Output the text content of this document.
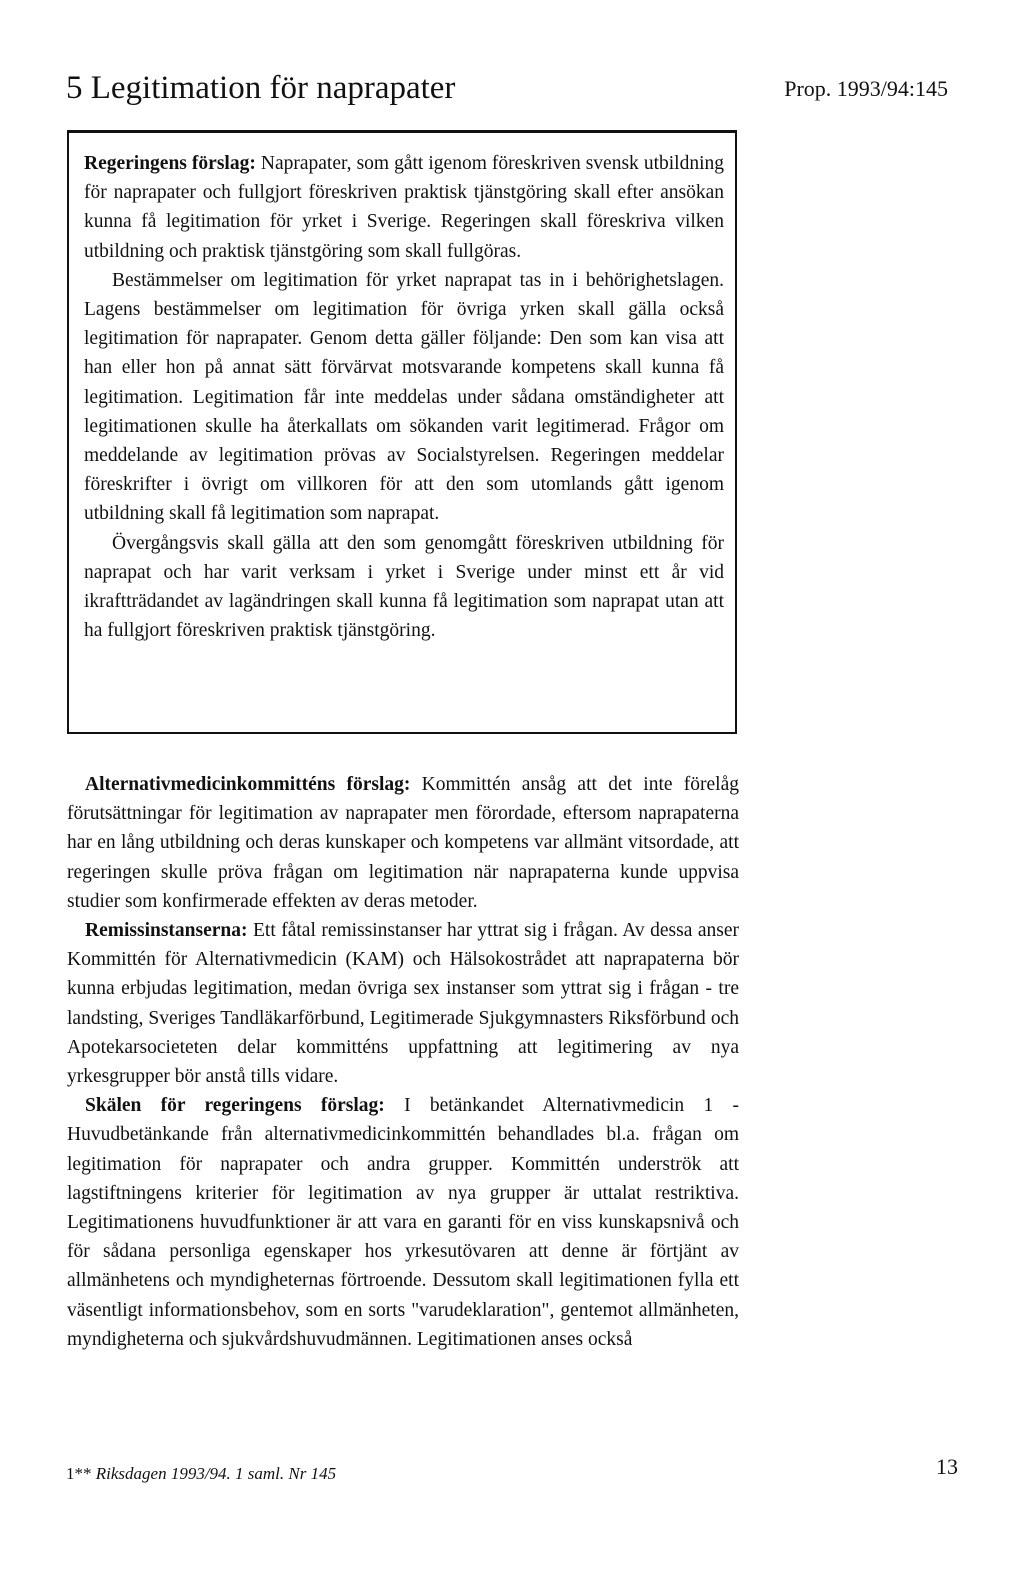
5 Legitimation för naprapater	Prop. 1993/94:145

Regeringens förslag: Naprapater, som gått igenom föreskriven svensk utbildning för naprapater och fullgjort föreskriven praktisk tjänstgöring skall efter ansökan kunna få legitimation för yrket i Sverige. Regeringen skall föreskriva vilken utbildning och praktisk tjänstgöring som skall fullgöras.

Bestämmelser om legitimation för yrket naprapat tas in i behörighetslagen. Lagens bestämmelser om legitimation för övriga yrken skall gälla också legitimation för naprapater. Genom detta gäller följande: Den som kan visa att han eller hon på annat sätt förvärvat motsvarande kompetens skall kunna få legitimation. Legitimation får inte meddelas under sådana omständigheter att legitimationen skulle ha återkallats om sökanden varit legitimerad. Frågor om meddelande av legitimation prövas av Socialstyrelsen. Regeringen meddelar föreskrifter i övrigt om villkoren för att den som utomlands gått igenom utbildning skall få legitimation som naprapat.

Övergångsvis skall gälla att den som genomgått föreskriven utbildning för naprapat och har varit verksam i yrket i Sverige under minst ett år vid ikraftträdandet av lagändringen skall kunna få legitimation som naprapat utan att ha fullgjort föreskriven praktisk tjänstgöring.

Alternativmedicinkommitténs förslag: Kommittén ansåg att det inte förelåg förutsättningar för legitimation av naprapater men förordade, eftersom naprapaterna har en lång utbildning och deras kunskaper och kompetens var allmänt vitsordade, att regeringen skulle pröva frågan om legitimation när naprapaterna kunde uppvisa studier som konfirmerade effekten av deras metoder.

Remissinstanserna: Ett fåtal remissinstanser har yttrat sig i frågan. Av dessa anser Kommittén för Alternativmedicin (KAM) och Hälsokostrådet att naprapaterna bör kunna erbjudas legitimation, medan övriga sex instanser som yttrat sig i frågan - tre landsting, Sveriges Tandläkarförbund, Legitimerade Sjukgymnasters Riksförbund och Apotekarsocieteten delar kommitténs uppfattning att legitimering av nya yrkesgrupper bör anstå tills vidare.

Skälen för regeringens förslag: I betänkandet Alternativmedicin 1 - Huvudbetänkande från alternativmedicinkommittén behandlades bl.a. frågan om legitimation för naprapater och andra grupper. Kommittén underströk att lagstiftningens kriterier för legitimation av nya grupper är uttalat restriktiva. Legitimationens huvudfunktioner är att vara en garanti för en viss kunskapsnivå och för sådana personliga egenskaper hos yrkesutövaren att denne är förtjänt av allmänhetens och myndigheternas förtroende. Dessutom skall legitimationen fylla ett väsentligt informationsbehov, som en sorts "varudeklaration", gentemot allmänheten, myndigheterna och sjukvårdshuvudmännen. Legitimationen anses också

1** Riksdagen 1993/94. 1 saml. Nr 145	13
